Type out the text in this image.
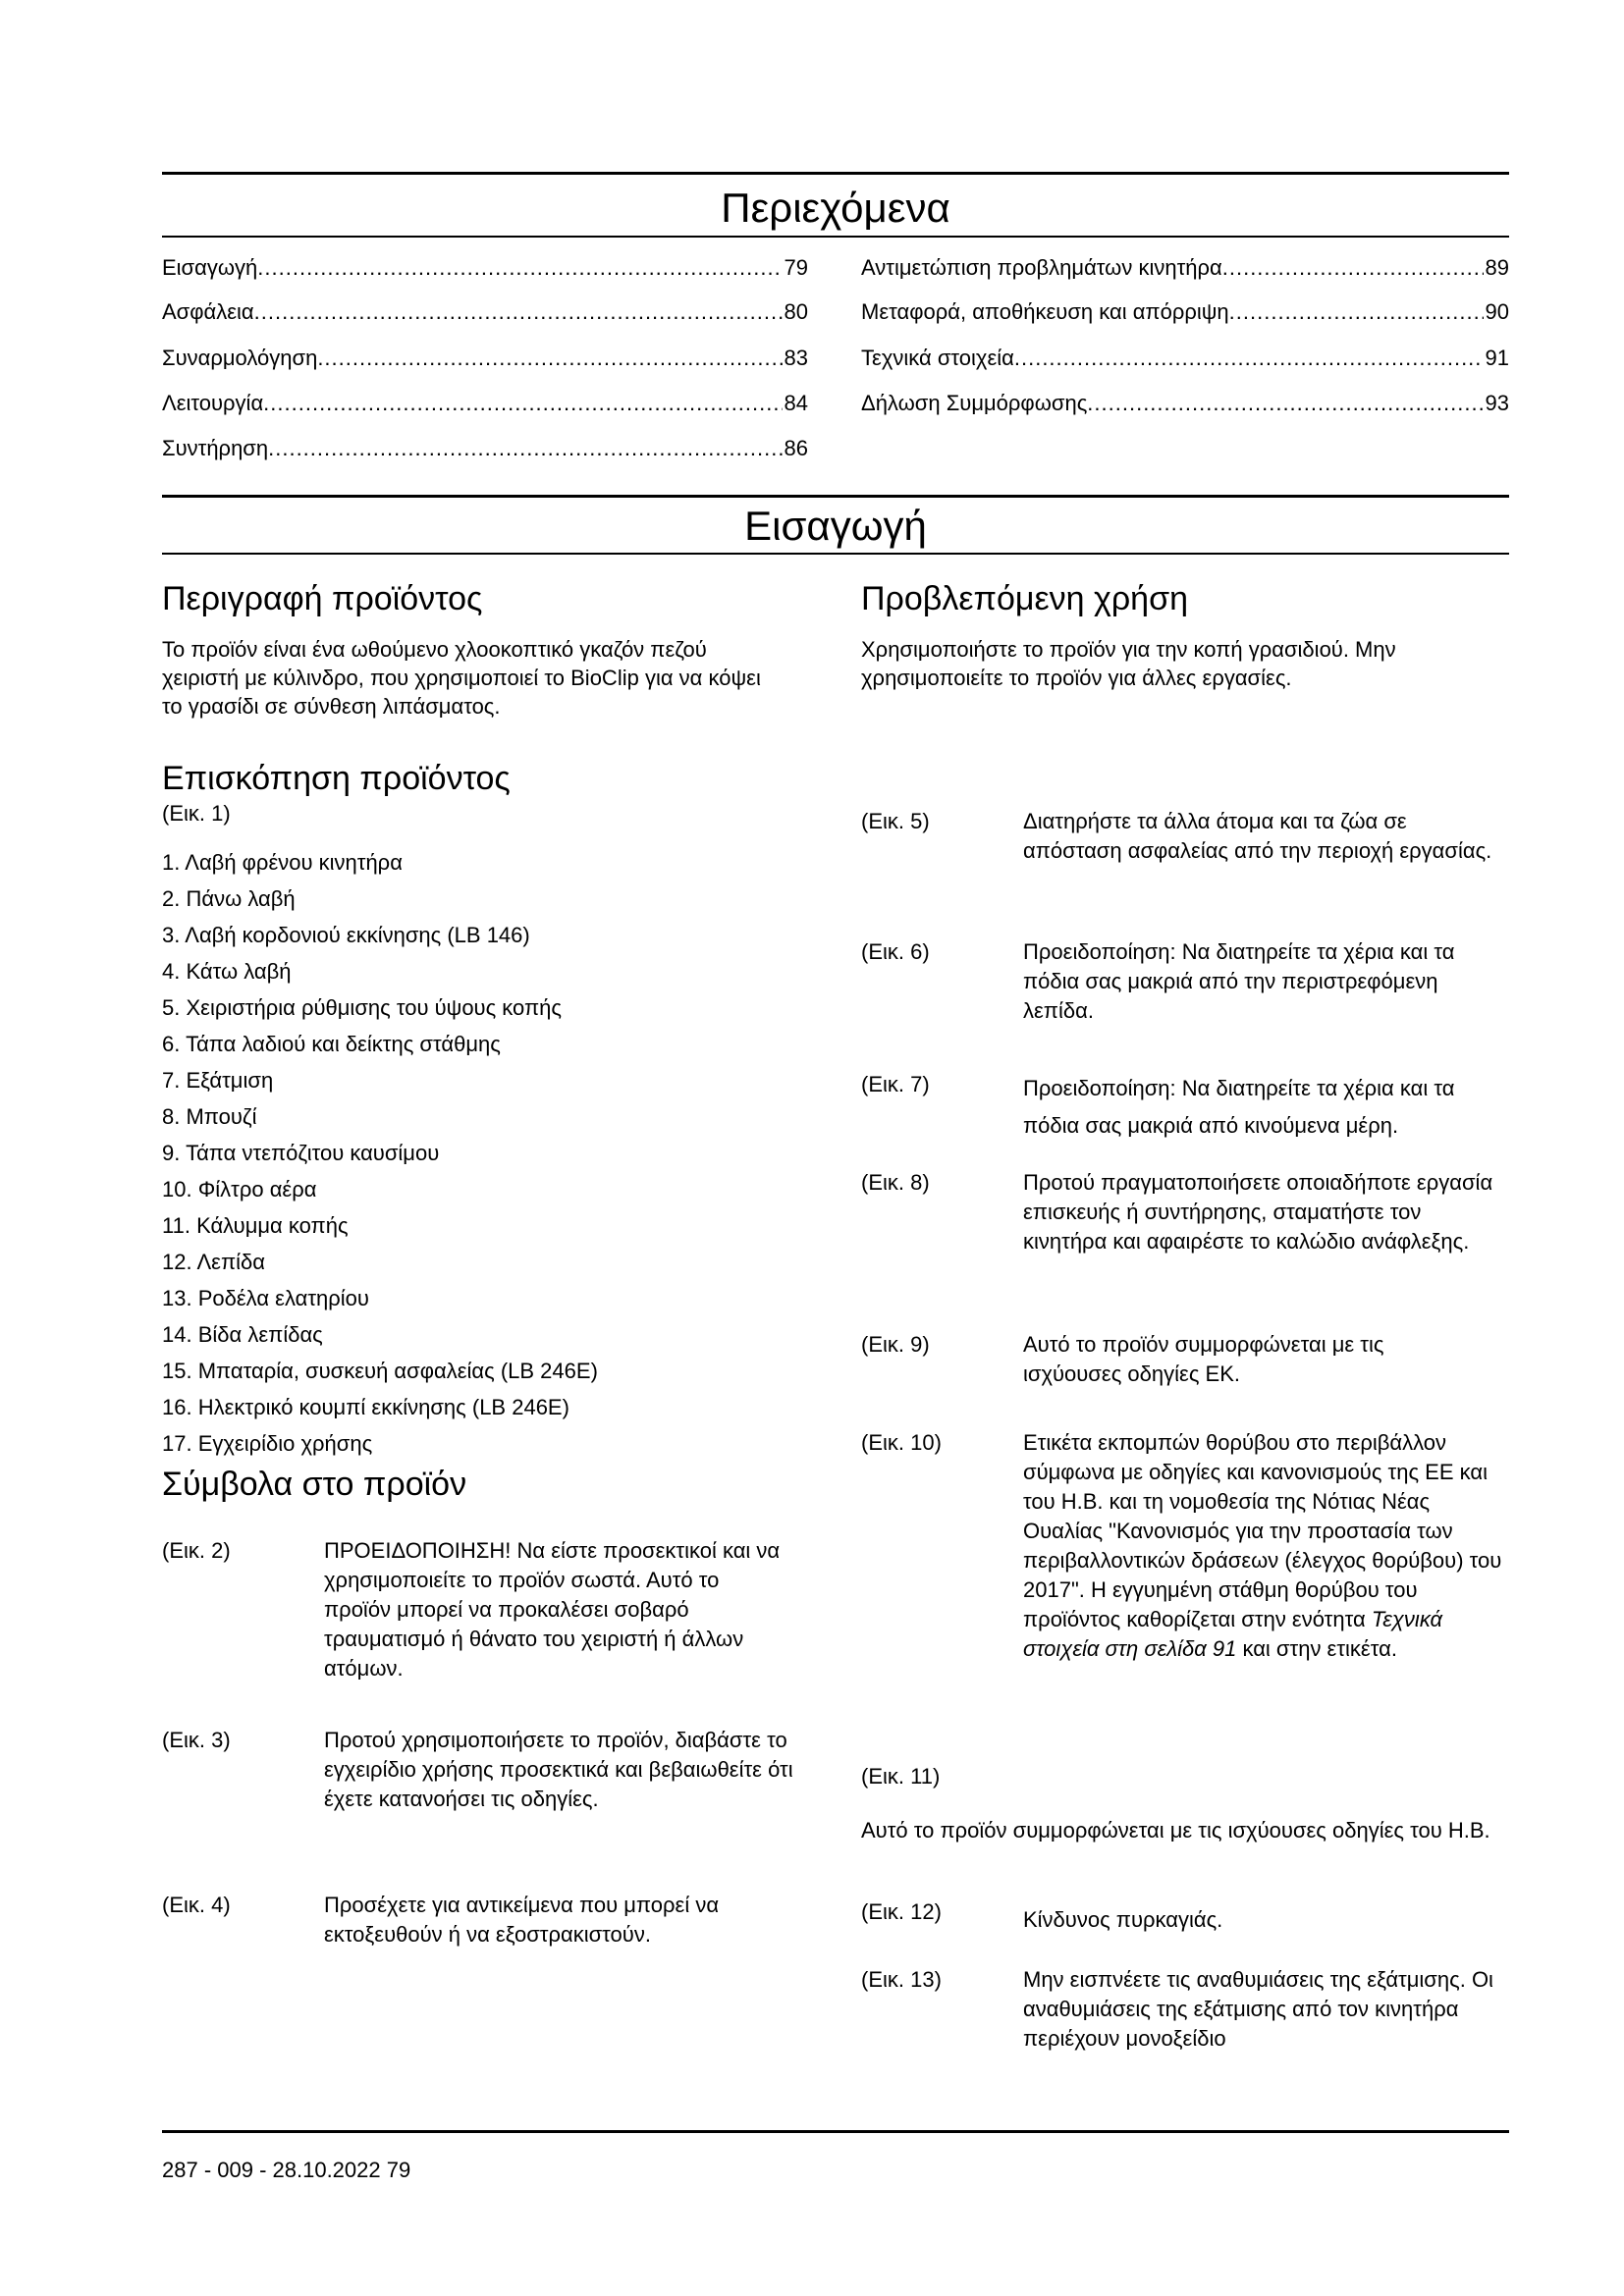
Περιεχόμενα
Εισαγωγή .....	79
Ασφάλεια .....	80
Συναρμολόγηση .....	83
Λειτουργία .....	84
Συντήρηση .....	86
Αντιμετώπιση προβλημάτων κινητήρα .....	89
Μεταφορά, αποθήκευση και απόρριψη .....	90
Τεχνικά στοιχεία .....	91
Δήλωση Συμμόρφωσης .....	93
Εισαγωγή
Περιγραφή προϊόντος
Το προϊόν είναι ένα ωθούμενο χλοοκοπτικό γκαζόν πεζού χειριστή με κύλινδρο, που χρησιμοποιεί το BioClip για να κόψει το γρασίδι σε σύνθεση λιπάσματος.
Προβλεπόμενη χρήση
Χρησιμοποιήστε το προϊόν για την κοπή γρασιδιού. Μην χρησιμοποιείτε το προϊόν για άλλες εργασίες.
Επισκόπηση προϊόντος
(Εικ. 1)
1. Λαβή φρένου κινητήρα
2. Πάνω λαβή
3. Λαβή κορδονιού εκκίνησης (LB 146)
4. Κάτω λαβή
5. Χειριστήρια ρύθμισης του ύψους κοπής
6. Τάπα λαδιού και δείκτης στάθμης
7. Εξάτμιση
8. Μπουζί
9. Τάπα ντεπόζιτου καυσίμου
10. Φίλτρο αέρα
11. Κάλυμμα κοπής
12. Λεπίδα
13. Ροδέλα ελατηρίου
14. Βίδα λεπίδας
15. Μπαταρία, συσκευή ασφαλείας (LB 246E)
16. Ηλεκτρικό κουμπί εκκίνησης (LB 246E)
17. Εγχειρίδιο χρήσης
Σύμβολα στο προϊόν
(Εικ. 2)	ΠΡΟΕΙΔΟΠΟΙΗΣΗ! Να είστε προσεκτικοί και να χρησιμοποιείτε το προϊόν σωστά. Αυτό το προϊόν μπορεί να προκαλέσει σοβαρό τραυματισμό ή θάνατο του χειριστή ή άλλων ατόμων.
(Εικ. 3)	Προτού χρησιμοποιήσετε το προϊόν, διαβάστε το εγχειρίδιο χρήσης προσεκτικά και βεβαιωθείτε ότι έχετε κατανοήσει τις οδηγίες.
(Εικ. 4)	Προσέχετε για αντικείμενα που μπορεί να εκτοξευθούν ή να εξοστρακιστούν.
(Εικ. 5)	Διατηρήστε τα άλλα άτομα και τα ζώα σε απόσταση ασφαλείας από την περιοχή εργασίας.
(Εικ. 6)	Προειδοποίηση: Να διατηρείτε τα χέρια και τα πόδια σας μακριά από την περιστρεφόμενη λεπίδα.
(Εικ. 7)	Προειδοποίηση: Να διατηρείτε τα χέρια και τα πόδια σας μακριά από κινούμενα μέρη.
(Εικ. 8)	Προτού πραγματοποιήσετε οποιαδήποτε εργασία επισκευής ή συντήρησης, σταματήστε τον κινητήρα και αφαιρέστε το καλώδιο ανάφλεξης.
(Εικ. 9)	Αυτό το προϊόν συμμορφώνεται με τις ισχύουσες οδηγίες ΕΚ.
(Εικ. 10)	Ετικέτα εκπομπών θορύβου στο περιβάλλον σύμφωνα με οδηγίες και κανονισμούς της ΕΕ και του Η.Β. και τη νομοθεσία της Νότιας Νέας Ουαλίας "Κανονισμός για την προστασία των περιβαλλοντικών δράσεων (έλεγχος θορύβου) του 2017". Η εγγυημένη στάθμη θορύβου του προϊόντος καθορίζεται στην ενότητα Τεχνικά στοιχεία στη σελίδα 91 και στην ετικέτα.
(Εικ. 11)
Αυτό το προϊόν συμμορφώνεται με τις ισχύουσες οδηγίες του Η.Β.
(Εικ. 12)	Κίνδυνος πυρκαγιάς.
(Εικ. 13)	Μην εισπνέετε τις αναθυμιάσεις της εξάτμισης. Οι αναθυμιάσεις της εξάτμισης από τον κινητήρα περιέχουν μονοξείδιο
287 - 009 - 28.10.2022 79
